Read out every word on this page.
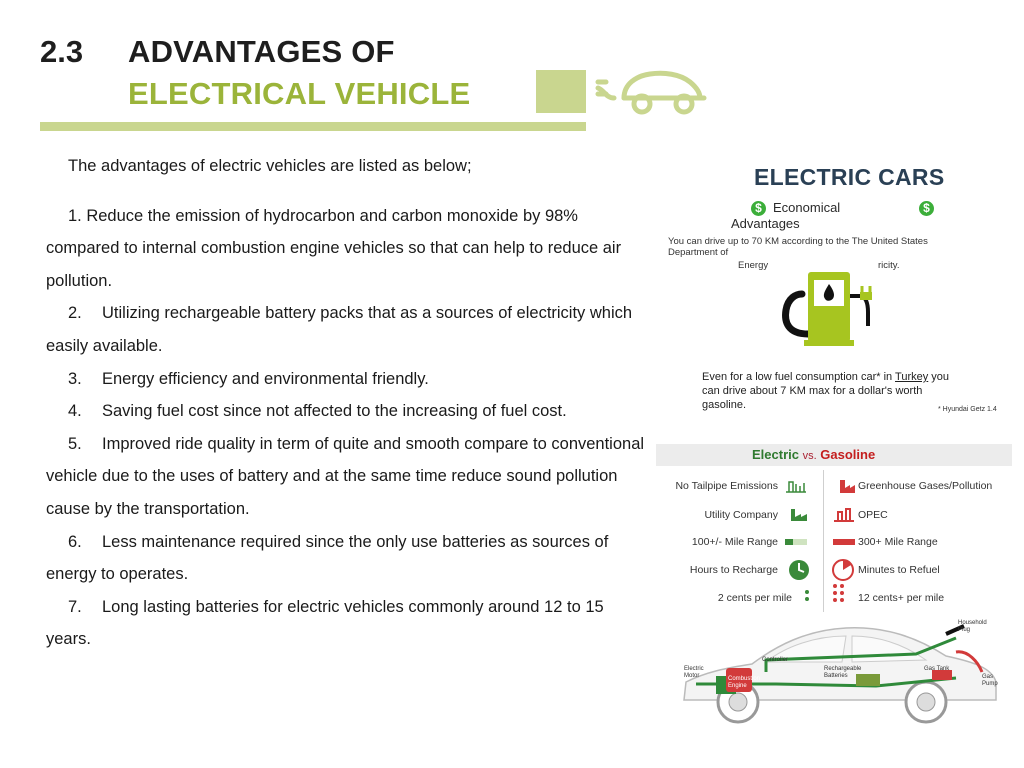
2.3 ADVANTAGES OF
ELECTRICAL VEHICLE

The advantages of electric vehicles are listed as below;

1. Reduce the emission of hydrocarbon and carbon monoxide by 98% compared to internal combustion engine vehicles so that can help to reduce air pollution.

2. Utilizing rechargeable battery packs that as a sources of electricity which easily available.

3. Energy efficiency and environmental friendly.

4. Saving fuel cost since not affected to the increasing of fuel cost.

5. Improved ride quality in term of quite and smooth compare to conventional vehicle due to the uses of battery and at the same time reduce sound pollution cause by the transportation.

6. Less maintenance required since the only use batteries as sources of energy to operates.

7. Long lasting batteries for electric vehicles commonly around 12 to 15 years.

ELECTRIC CARS
$	$
Economical
Advantages
You can drive up to 70 KM according to the The United States
Department of
Energy	ricity.
Even for a low fuel consumption car* in Turkey you
can drive about 7 KM max for a dollar's worth
gasoline.	* Hyundai Getz 1.4
Electric vs. Gasoline
No Tailpipe Emissions	Greenhouse Gases/Pollution
Utility Company	OPEC
100+/- Mile Range	300+ Mile Range
Hours to Recharge	Minutes to Refuel
2 cents per mile	12 cents+ per mile
Household Plug
Controller
Electric Motor	Combustion Engine
Rechargeable Batteries
Gas Tank
Gas Pump
